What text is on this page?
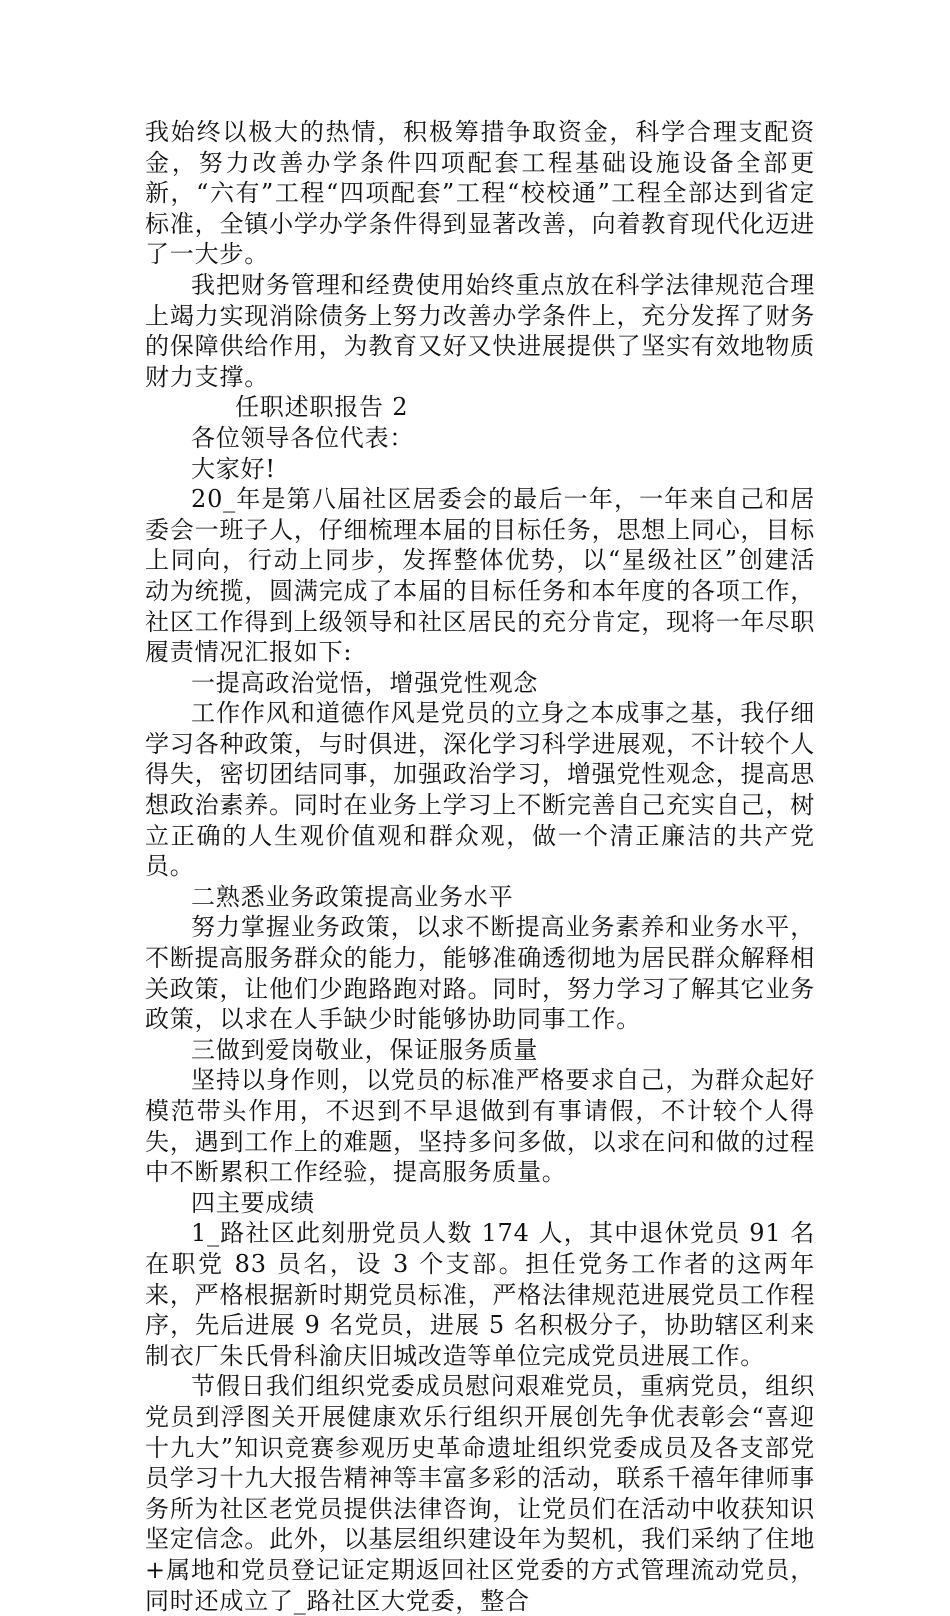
我始终以极大的热情，积极筹措争取资金，科学合理支配资金，努力改善办学条件四项配套工程基础设施设备全部更新，“六有”工程“四项配套”工程“校校通”工程全部达到省定标准，全镇小学办学条件得到显著改善，向着教育现代化迈进了一大步。

我把财务管理和经费使用始终重点放在科学法律规范合理上竭力实现消除债务上努力改善办学条件上，充分发挥了财务的保障供给作用，为教育又好又快进展提供了坚实有效地物质财力支撑。

任职述职报告 2

各位领导各位代表：

大家好!

20_年是第八届社区居委会的最后一年，一年来自己和居委会一班子人，仔细梳理本届的目标任务，思想上同心，目标上同向，行动上同步，发挥整体优势，以“星级社区”创建活动为统揽，圆满完成了本届的目标任务和本年度的各项工作，社区工作得到上级领导和社区居民的充分肯定，现将一年尽职履责情况汇报如下:

一提高政治觉悟，增强党性观念

工作作风和道德作风是党员的立身之本成事之基，我仔细学习各种政策，与时俱进，深化学习科学进展观，不计较个人得失，密切团结同事，加强政治学习，增强党性观念，提高思想政治素养。同时在业务上学习上不断完善自己充实自己，树立正确的人生观价值观和群众观，做一个清正廉洁的共产党员。

二熟悉业务政策提高业务水平

努力掌握业务政策，以求不断提高业务素养和业务水平，不断提高服务群众的能力，能够准确透彻地为居民群众解释相关政策，让他们少跑路跑对路。同时，努力学习了解其它业务政策，以求在人手缺少时能够协助同事工作。

三做到爱岗敬业，保证服务质量

坚持以身作则，以党员的标准严格要求自己，为群众起好模范带头作用，不迟到不早退做到有事请假，不计较个人得失，遇到工作上的难题，坚持多问多做，以求在问和做的过程中不断累积工作经验，提高服务质量。

四主要成绩

1_路社区此刻册党员人数 174 人，其中退休党员 91 名在职党 83 员名，设 3 个支部。担任党务工作者的这两年来，严格根据新时期党员标准，严格法律规范进展党员工作程序，先后进展 9 名党员，进展 5 名积极分子，协助辖区利来制衣厂朱氏骨科渝庆旧城改造等单位完成党员进展工作。

节假日我们组织党委成员慰问艰难党员，重病党员，组织党员到浮图关开展健康欢乐行组织开展创先争优表彰会“喜迎十九大”知识竞赛参观历史革命遗址组织党委成员及各支部党员学习十九大报告精神等丰富多彩的活动，联系千禧年律师事务所为社区老党员提供法律咨询，让党员们在活动中收获知识坚定信念。此外，以基层组织建设年为契机，我们采纳了住地+属地和党员登记证定期返回社区党委的方式管理流动党员，同时还成立了_路社区大党委，整合
